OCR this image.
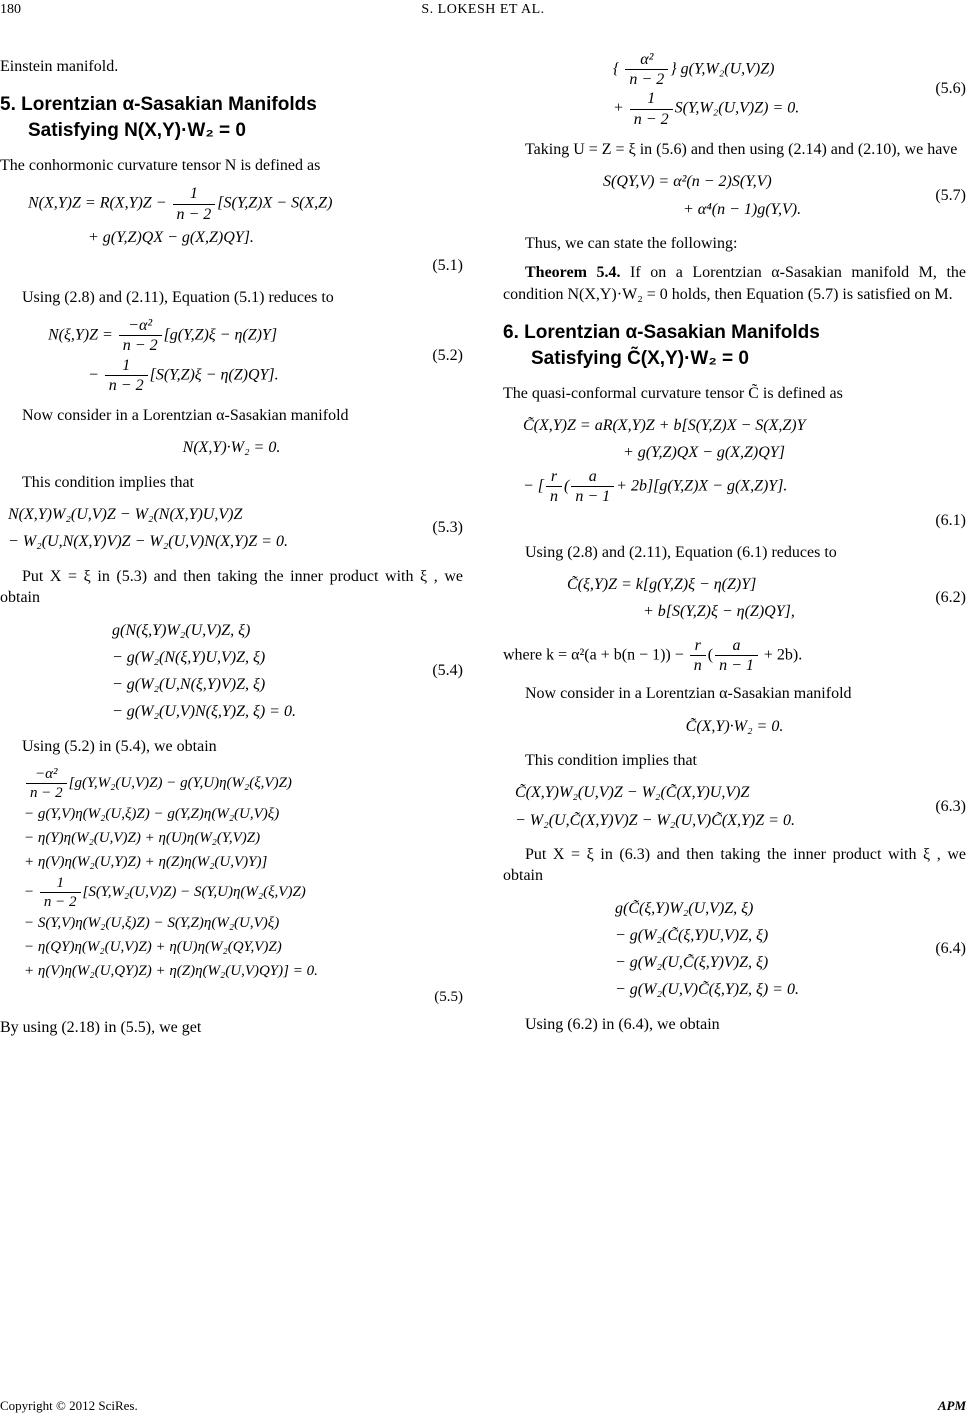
180	S. LOKESH ET AL.

Einstein manifold.

5. Lorentzian α-Sasakian Manifolds
Satisfying N(X,Y)·W₂ = 0

The conhormonic curvature tensor N is defined as

$N(X,Y)Z = R(X,Y)Z - \frac{1}{n - 2} [S(Y,Z)X - S(X,Z)$
+ g(Y,Z)QX − g(X,Z)QY].
(5.1)

Using (2.8) and (2.11), Equation (5.1) reduces to

$N(\xi,Y)Z = \frac{\text{−α²}}{n - 2} [g(Y,Z)\xi - \eta(Z)Y]$
− $\frac{1}{n - 2} [S(Y,Z)\xi - \eta(Z)QY]$.
(5.2)

Now consider in a Lorentzian α-Sasakian manifold

N(X,Y)·W₂ = 0.

This condition implies that

N(X,Y)W₂(U,V)Z − W₂(N(X,Y)U,V)Z
− W₂(U,N(X,Y)V)Z − W₂(U,V)N(X,Y)Z = 0.
(5.3)

Put X = ξ in (5.3) and then taking the inner product with ξ , we obtain

g(N(ξ,Y)W₂(U,V)Z, ξ)
− g(W₂(N(ξ,Y)U,V)Z, ξ)
− g(W₂(U,N(ξ,Y)V)Z, ξ)
− g(W₂(U,V)N(ξ,Y)Z, ξ) = 0.
(5.4)

Using (5.2) in (5.4), we obtain

$\frac{\text{−α²}}{n - 2} [g(Y,W_2(U,V)Z) - g(Y,U)\eta(W_2(\xi,V)Z)$
− g(Y,V)η(W₂(U,ξ)Z) − g(Y,Z)η(W₂(U,V)ξ)
− η(Y)η(W₂(U,V)Z) + η(U)η(W₂(Y,V)Z)
+ η(V)η(W₂(U,Y)Z) + η(Z)η(W₂(U,V)Y)]
− $\frac{1}{n - 2} [S(Y,W_2(U,V)Z) - S(Y,U)\eta(W_2(\xi,V)Z)$
− S(Y,V)η(W₂(U,ξ)Z) − S(Y,Z)η(W₂(U,V)ξ)
− η(QY)η(W₂(U,V)Z) + η(U)η(W₂(QY,V)Z)
+ η(V)η(W₂(U,QY)Z) + η(Z)η(W₂(U,V)QY)] = 0.
(5.5)

By using (2.18) in (5.5), we get

{ $\frac{\text{α²}}{n - 2}$ } g(Y,W₂(U,V)Z)
+ $\frac{1}{n - 2} S(Y,W_2(U,V)Z) = 0$.
(5.6)

Taking U = Z = ξ in (5.6) and then using (2.14) and (2.10), we have

S(QY,V) = α²(n − 2)S(Y,V)
+ α⁴(n − 1)g(Y,V).
(5.7)

Thus, we can state the following:

Theorem 5.4. If on a Lorentzian α-Sasakian manifold M, the condition N(X,Y)·W₂ = 0 holds, then Equation (5.7) is satisfied on M.

6. Lorentzian α-Sasakian Manifolds
Satisfying C̃(X,Y)·W₂ = 0

The quasi-conformal curvature tensor C̃ is defined as

C̃(X,Y)Z = aR(X,Y)Z + b[S(Y,Z)X − S(X,Z)Y
+ g(Y,Z)QX − g(X,Z)QY]
− [ $\frac{r}{n}$ ( $\frac{a}{n - 1} + 2b][g(Y,Z)X - g(X,Z)Y]$.
(6.1)

Using (2.8) and (2.11), Equation (6.1) reduces to

C̃(ξ,Y)Z = k[g(Y,Z)ξ − η(Z)Y]
+ b[S(Y,Z)ξ − η(Z)QY],
(6.2)

where $k = \alpha^2(a + b(n - 1)) - \frac{r}{n}$ ( $\frac{a}{n - 1} + 2b$).

Now consider in a Lorentzian α-Sasakian manifold

C̃(X,Y)·W₂ = 0.

This condition implies that

C̃(X,Y)W₂(U,V)Z − W₂(C̃(X,Y)U,V)Z
− W₂(U,C̃(X,Y)V)Z − W₂(U,V)C̃(X,Y)Z = 0.
(6.3)

Put X = ξ in (6.3) and then taking the inner product with ξ , we obtain

g(C̃(ξ,Y)W₂(U,V)Z, ξ)
− g(W₂(C̃(ξ,Y)U,V)Z, ξ)
− g(W₂(U,C̃(ξ,Y)V)Z, ξ)
− g(W₂(U,V)C̃(ξ,Y)Z, ξ) = 0.
(6.4)

Using (6.2) in (6.4), we obtain

Copyright © 2012 SciRes.	APM
